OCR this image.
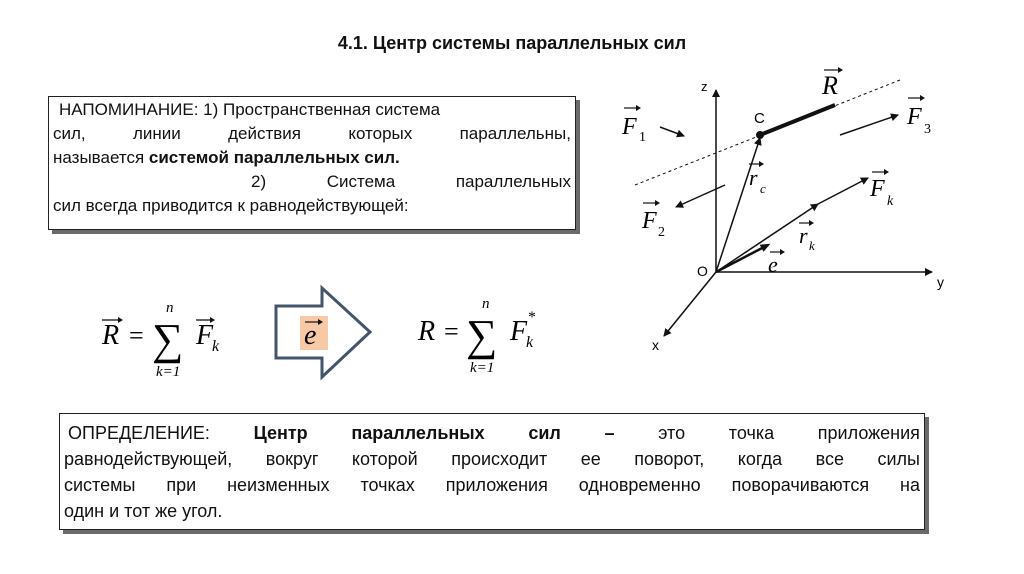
4.1. Центр системы параллельных сил
НАПОМИНАНИЕ: 1) Пространственная система
сил,	линии	действия	которых	параллельны,
называется системой параллельных сил.
2)	Система	параллельных
сил всегда приводится к равнодействующей:
R =
n
∑
k=1
F
k	e	R =
n
∑
k=1
F
k
*
z
y
x
O
C
R
F 1
F 2
F 3
F k
r c
r k
e
ОПРЕДЕЛЕНИЕ: Центр параллельных сил – это точка приложения
равнодействующей, вокруг которой происходит ее поворот, когда все силы
системы при неизменных точках приложения одновременно поворачиваются на
один и тот же угол.
